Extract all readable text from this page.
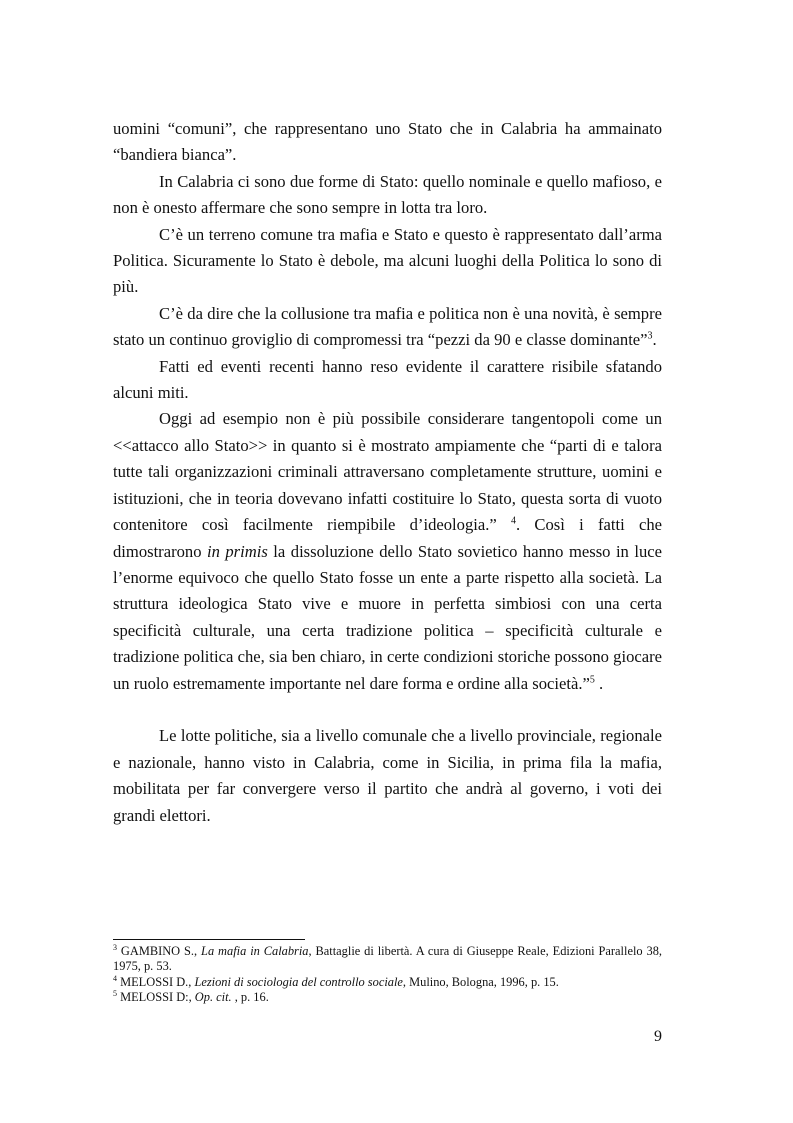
uomini “comuni”, che rappresentano uno Stato che in Calabria ha ammainato “bandiera bianca”.

In Calabria ci sono due forme di Stato: quello nominale e quello mafioso, e non è onesto affermare che sono sempre in lotta tra loro.

C’è un terreno comune tra mafia e Stato e questo è rappresentato dall’arma Politica. Sicuramente lo Stato è debole, ma alcuni luoghi della Politica lo sono di più.

C’è da dire che la collusione tra mafia e politica non è una novità, è sempre stato un continuo groviglio di compromessi tra “pezzi da 90 e classe dominante”$^3$.

Fatti ed eventi recenti hanno reso evidente il carattere risibile sfatando alcuni miti.

Oggi ad esempio non è più possibile considerare tangentopoli come un <<attacco allo Stato>> in quanto si è mostrato ampiamente che “parti di e talora tutte tali organizzazioni criminali attraversano completamente strutture, uomini e istituzioni, che in teoria dovevano infatti costituire lo Stato, questa sorta di vuoto contenitore così facilmente riempibile d’ideologia.” $^4$. Così i fatti che dimostrarono in primis la dissoluzione dello Stato sovietico hanno messo in luce l’enorme equivoco che quello Stato fosse un ente a parte rispetto alla società. La struttura ideologica Stato vive e muore in perfetta simbiosi con una certa specificità culturale, una certa tradizione politica – specificità culturale e tradizione politica che, sia ben chiaro, in certe condizioni storiche possono giocare un ruolo estremamente importante nel dare forma e ordine alla società.”$^5$ .

Le lotte politiche, sia a livello comunale che a livello provinciale, regionale e nazionale, hanno visto in Calabria, come in Sicilia, in prima fila la mafia, mobilitata per far convergere verso il partito che andrà al governo, i voti dei grandi elettori.

$^3$ GAMBINO S., La mafia in Calabria, Battaglie di libertà. A cura di Giuseppe Reale, Edizioni Parallelo 38, 1975, p. 53.

$^4$ MELOSSI D., Lezioni di sociologia del controllo sociale, Mulino, Bologna, 1996, p. 15.

$^5$ MELOSSI D:, Op. cit. , p. 16.

9
